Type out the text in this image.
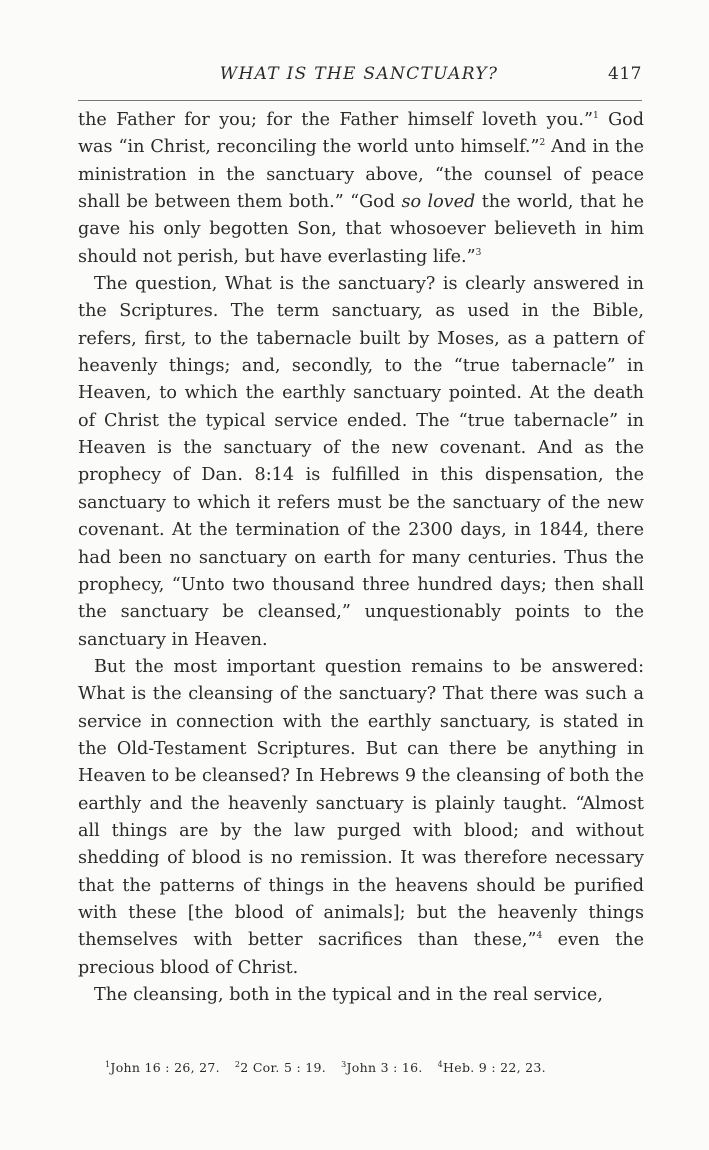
WHAT IS THE SANCTUARY?	417

the Father for you; for the Father himself loveth you.”$^1$ God was “in Christ, reconciling the world unto himself.”$^2$ And in the ministration in the sanctuary above, “the counsel of peace shall be between them both.” “God so loved the world, that he gave his only begotten Son, that whosoever believeth in him should not perish, but have everlasting life.”$^3$

The question, What is the sanctuary? is clearly answered in the Scriptures. The term sanctuary, as used in the Bible, refers, first, to the tabernacle built by Moses, as a pattern of heavenly things; and, secondly, to the “true tabernacle” in Heaven, to which the earthly sanctuary pointed. At the death of Christ the typical service ended. The “true tabernacle” in Heaven is the sanctuary of the new covenant. And as the prophecy of Dan. 8:14 is fulfilled in this dispensation, the sanctuary to which it refers must be the sanctuary of the new covenant. At the termination of the 2300 days, in 1844, there had been no sanctuary on earth for many centuries. Thus the prophecy, “Unto two thousand three hundred days; then shall the sanctuary be cleansed,” unquestionably points to the sanctuary in Heaven.

But the most important question remains to be answered: What is the cleansing of the sanctuary? That there was such a service in connection with the earthly sanctuary, is stated in the Old-Testament Scriptures. But can there be anything in Heaven to be cleansed? In Hebrews 9 the cleansing of both the earthly and the heavenly sanctuary is plainly taught. “Almost all things are by the law purged with blood; and without shedding of blood is no remission. It was therefore necessary that the patterns of things in the heavens should be purified with these [the blood of animals]; but the heavenly things themselves with better sacrifices than these,”$^4$ even the precious blood of Christ.

The cleansing, both in the typical and in the real service,

$^1$John 16 : 26, 27. $^2$2 Cor. 5 : 19. $^3$John 3 : 16. $^4$Heb. 9 : 22, 23.
